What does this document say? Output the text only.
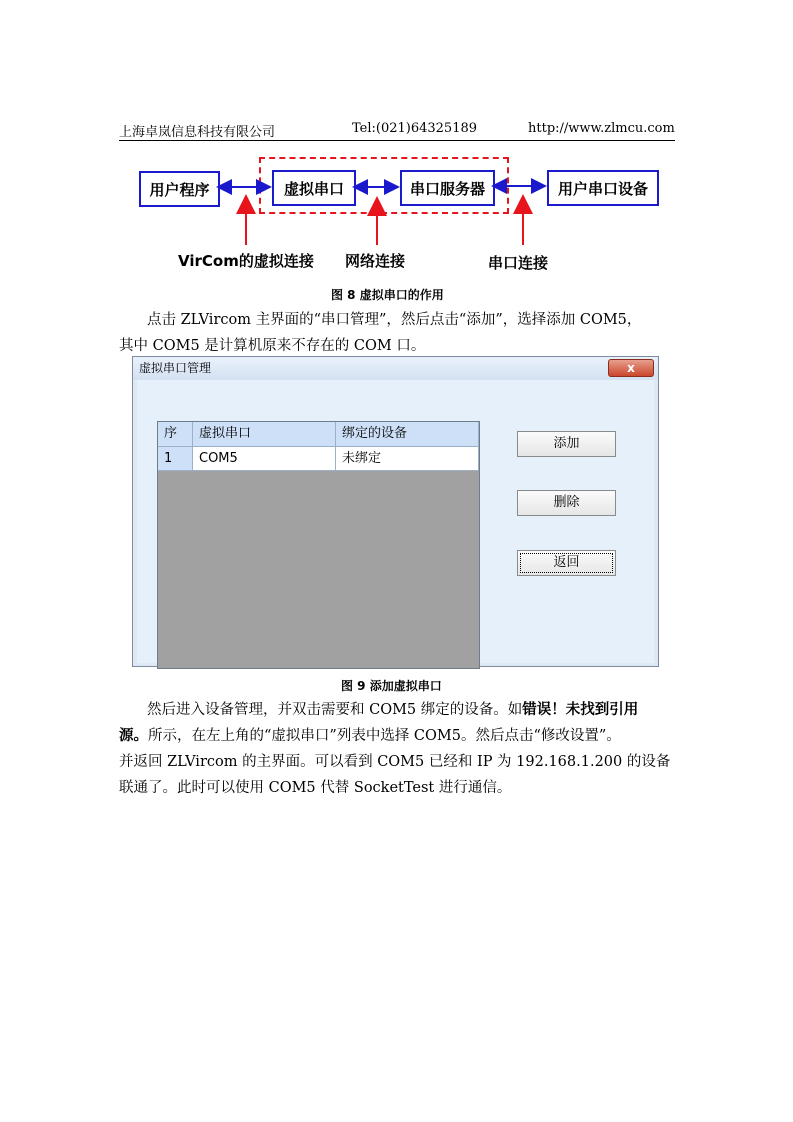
上海卓岚信息科技有限公司	Tel:(021)64325189	http://www.zlmcu.com
用户程序	虚拟串口	串口服务器	用户串口设备
VirCom的虚拟连接 网络连接	串口连接
图 8 虚拟串口的作用

点击 ZLVircom 主界面的“串口管理”，然后点击“添加”，选择添加 COM5，

其中 COM5 是计算机原来不存在的 COM 口。

虚拟串口管理	x
序	虚拟串口	绑定的设备
1	COM5	未绑定
添加
删除
返回
图 9 添加虚拟串口

然后进入设备管理，并双击需要和 COM5 绑定的设备。如错误！未找到引用

源。所示，在左上角的“虚拟串口”列表中选择 COM5。然后点击“修改设置”。

并返回 ZLVircom 的主界面。可以看到 COM5 已经和 IP 为 192.168.1.200 的设备

联通了。此时可以使用 COM5 代替 SocketTest 进行通信。
